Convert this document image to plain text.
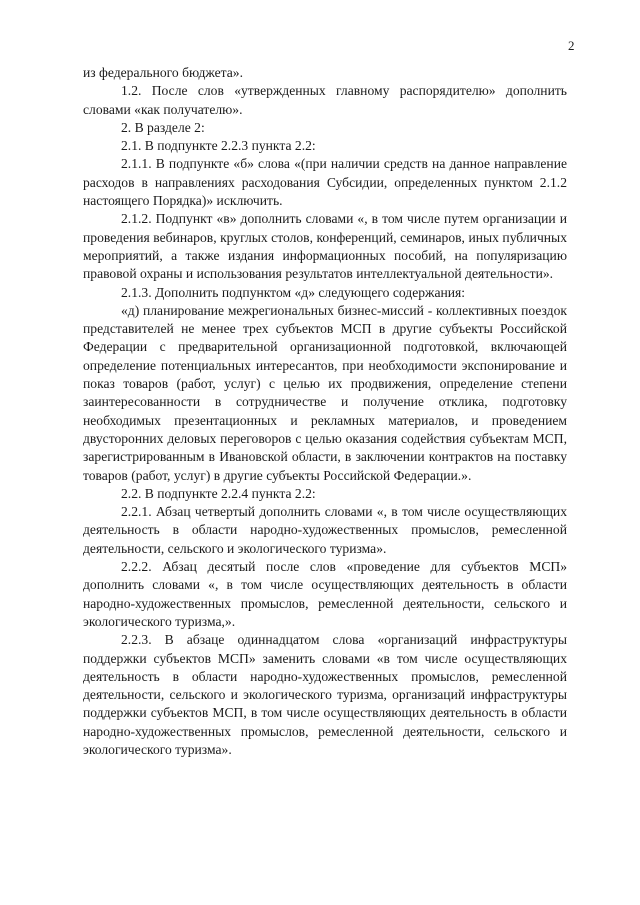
2

из федерального бюджета».

1.2. После слов «утвержденных главному распорядителю» дополнить словами «как получателю».

2. В разделе 2:

2.1. В подпункте 2.2.3 пункта 2.2:

2.1.1. В подпункте «б» слова «(при наличии средств на данное направление расходов в направлениях расходования Субсидии, определенных пунктом 2.1.2 настоящего Порядка)» исключить.

2.1.2. Подпункт «в» дополнить словами «, в том числе путем организации и проведения вебинаров, круглых столов, конференций, семинаров, иных публичных мероприятий, а также издания информационных пособий, на популяризацию правовой охраны и использования результатов интеллектуальной деятельности».

2.1.3. Дополнить подпунктом «д» следующего содержания:

«д) планирование межрегиональных бизнес-миссий - коллективных поездок представителей не менее трех субъектов МСП в другие субъекты Российской Федерации с предварительной организационной подготовкой, включающей определение потенциальных интересантов, при необходимости экспонирование и показ товаров (работ, услуг) с целью их продвижения, определение степени заинтересованности в сотрудничестве и получение отклика, подготовку необходимых презентационных и рекламных материалов, и проведением двусторонних деловых переговоров с целью оказания содействия субъектам МСП, зарегистрированным в Ивановской области, в заключении контрактов на поставку товаров (работ, услуг) в другие субъекты Российской Федерации.».

2.2. В подпункте 2.2.4 пункта 2.2:

2.2.1. Абзац четвертый дополнить словами «, в том числе осуществляющих деятельность в области народно-художественных промыслов, ремесленной деятельности, сельского и экологического туризма».

2.2.2. Абзац десятый после слов «проведение для субъектов МСП» дополнить словами «, в том числе осуществляющих деятельность в области народно-художественных промыслов, ремесленной деятельности, сельского и экологического туризма,».

2.2.3. В абзаце одиннадцатом слова «организаций инфраструктуры поддержки субъектов МСП» заменить словами «в том числе осуществляющих деятельность в области народно-художественных промыслов, ремесленной деятельности, сельского и экологического туризма, организаций инфраструктуры поддержки субъектов МСП, в том числе осуществляющих деятельность в области народно-художественных промыслов, ремесленной деятельности, сельского и экологического туризма».
